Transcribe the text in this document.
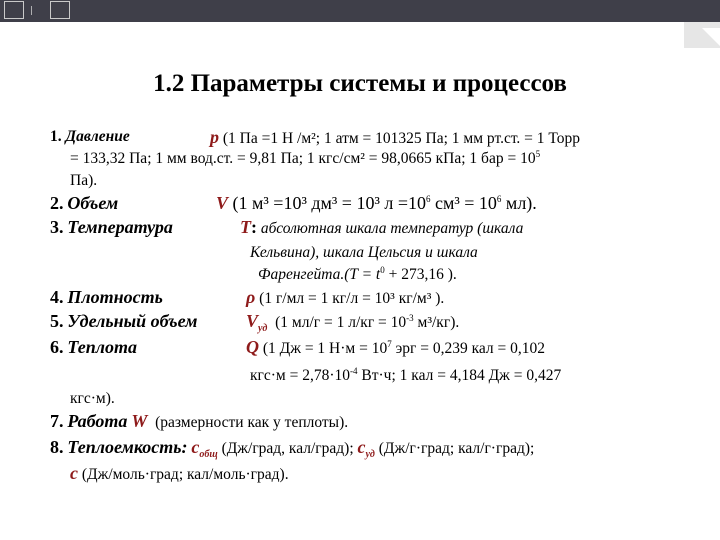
|
1.2 Параметры системы и процессов
1. Давление	p (1 Па =1 Н /м²; 1 атм = 101325 Па; 1 мм рт.ст. = 1 Торр
= 133,32 Па; 1 мм вод.ст. = 9,81 Па; 1 кгс/см² = 98,0665 кПа; 1 бар = $10^5$
Па).
2. Объем	V (1 м³ =10³ дм³ = 10³ $л =10^6$ $см^3 = 10^6$ мл).
3. Температура	T: абсолютная шкала температур (шкала
Кельвина), шкала Цельсия и шкала
Фаренгейта.(T = $t^0 + 273,16$ ).
4. Плотность	ρ (1 г/мл = 1 кг/л = 10³ кг/м³ ).
5. Удельный объем	$V_{уд}$ (1 мл/г = 1 $л/кг = 10^{-3}$ м³/кг).
6. Теплота	Q (1 Дж = 1 $Н\cdot м = 10^7$ эрг = 0,239 кал = 0,102
$кгс\cdot м = 2,78\cdot 10^{-4}$ Вт·ч; 1 кал = 4,184 Дж = 0,427
кгс·м).
7. Работа W (размерности как у теплоты).
8. Теплоемкость: $с_{общ}$ (Дж/град, кал/град); $с_{уд}$ (Дж/г·град; кал/г·град);
с (Дж/моль·град; кал/моль·град).
